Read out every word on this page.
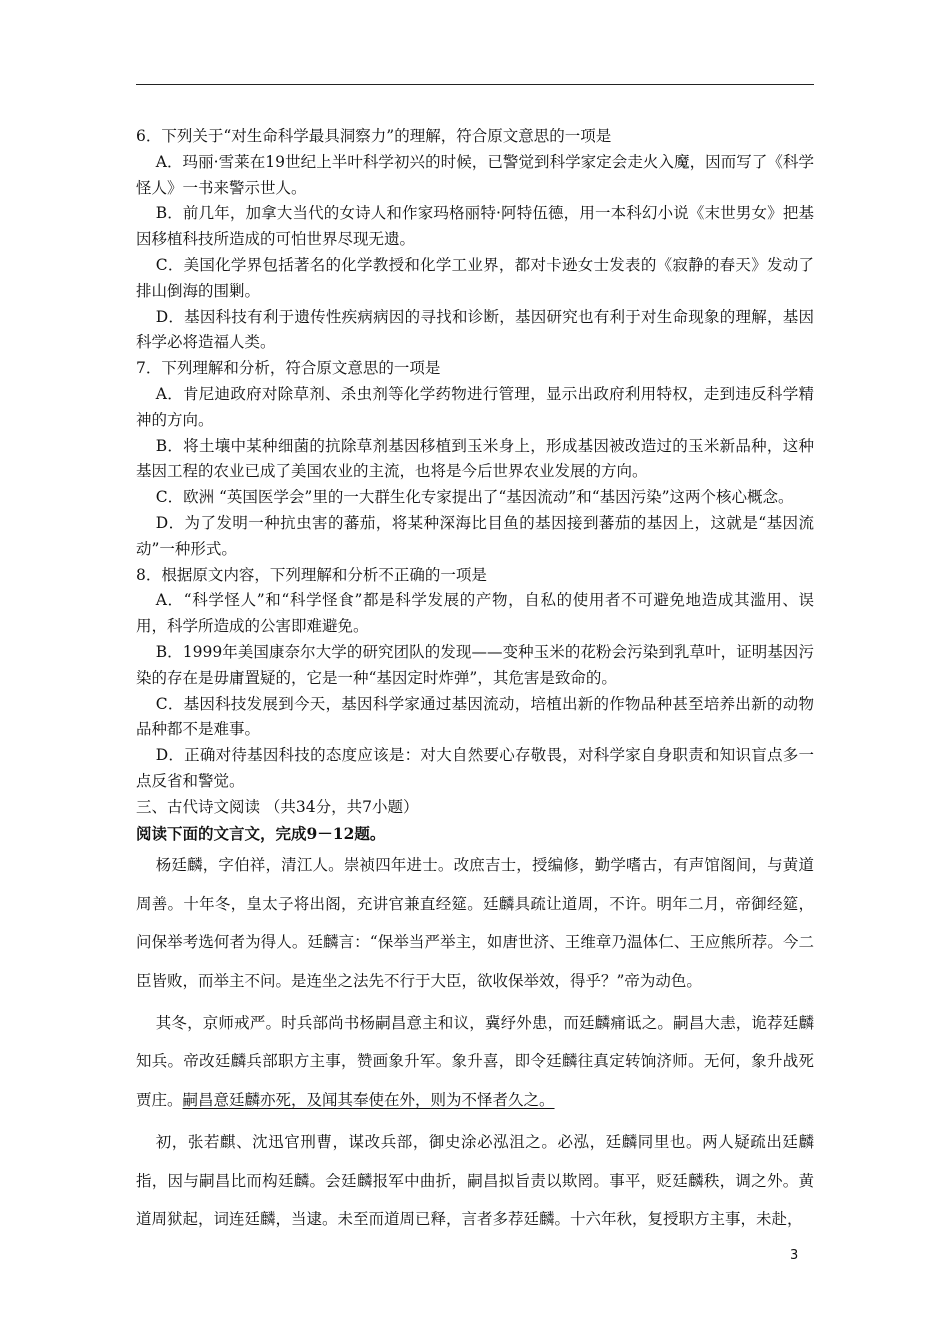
6．下列关于“对生命科学最具洞察力”的理解，符合原文意思的一项是

A．玛丽·雪莱在19世纪上半叶科学初兴的时候，已警觉到科学家定会走火入魔，因而写了《科学怪人》一书来警示世人。

B．前几年，加拿大当代的女诗人和作家玛格丽特·阿特伍德，用一本科幻小说《末世男女》把基因移植科技所造成的可怕世界尽现无遗。

C．美国化学界包括著名的化学教授和化学工业界，都对卡逊女士发表的《寂静的春天》发动了排山倒海的围剿。

D．基因科技有利于遗传性疾病病因的寻找和诊断，基因研究也有利于对生命现象的理解，基因科学必将造福人类。

7．下列理解和分析，符合原文意思的一项是

A．肯尼迪政府对除草剂、杀虫剂等化学药物进行管理，显示出政府利用特权，走到违反科学精神的方向。

B．将土壤中某种细菌的抗除草剂基因移植到玉米身上，形成基因被改造过的玉米新品种，这种基因工程的农业已成了美国农业的主流，也将是今后世界农业发展的方向。

C．欧洲 “英国医学会”里的一大群生化专家提出了“基因流动”和“基因污染”这两个核心概念。

D．为了发明一种抗虫害的蕃茄，将某种深海比目鱼的基因接到蕃茄的基因上，这就是“基因流动”一种形式。

8．根据原文内容，下列理解和分析不正确的一项是

A．“科学怪人”和“科学怪食”都是科学发展的产物，自私的使用者不可避免地造成其滥用、误用，科学所造成的公害即难避免。

B．1999年美国康奈尔大学的研究团队的发现——变种玉米的花粉会污染到乳草叶，证明基因污染的存在是毋庸置疑的，它是一种“基因定时炸弹”，其危害是致命的。

C．基因科技发展到今天，基因科学家通过基因流动，培植出新的作物品种甚至培养出新的动物品种都不是难事。

D．正确对待基因科技的态度应该是：对大自然要心存敬畏，对科学家自身职责和知识盲点多一点反省和警觉。

三、古代诗文阅读 （共34分，共7小题）

阅读下面的文言文，完成9－12题。

杨廷麟，字伯祥，清江人。崇祯四年进士。改庶吉士，授编修，勤学嗜古，有声馆阁间，与黄道周善。十年冬，皇太子将出阁，充讲官兼直经筵。廷麟具疏让道周，不许。明年二月，帝御经筵，问保举考选何者为得人。廷麟言：“保举当严举主，如唐世济、王维章乃温体仁、王应熊所荐。今二臣皆败，而举主不问。是连坐之法先不行于大臣，欲收保举效，得乎？”帝为动色。

其冬，京师戒严。时兵部尚书杨嗣昌意主和议，冀纾外患，而廷麟痛诋之。嗣昌大恚，诡荐廷麟知兵。帝改廷麟兵部职方主事，赞画象升军。象升喜，即令廷麟往真定转饷济师。无何，象升战死贾庄。嗣昌意廷麟亦死，及闻其奉使在外，则为不怿者久之。

初，张若麒、沈迅官刑曹，谋改兵部，御史涂必泓沮之。必泓，廷麟同里也。两人疑疏出廷麟指，因与嗣昌比而构廷麟。会廷麟报军中曲折，嗣昌拟旨责以欺罔。事平，贬廷麟秩，调之外。黄道周狱起，词连廷麟，当逮。未至而道周已释，言者多荐廷麟。十六年秋，复授职方主事，未赴，

3
